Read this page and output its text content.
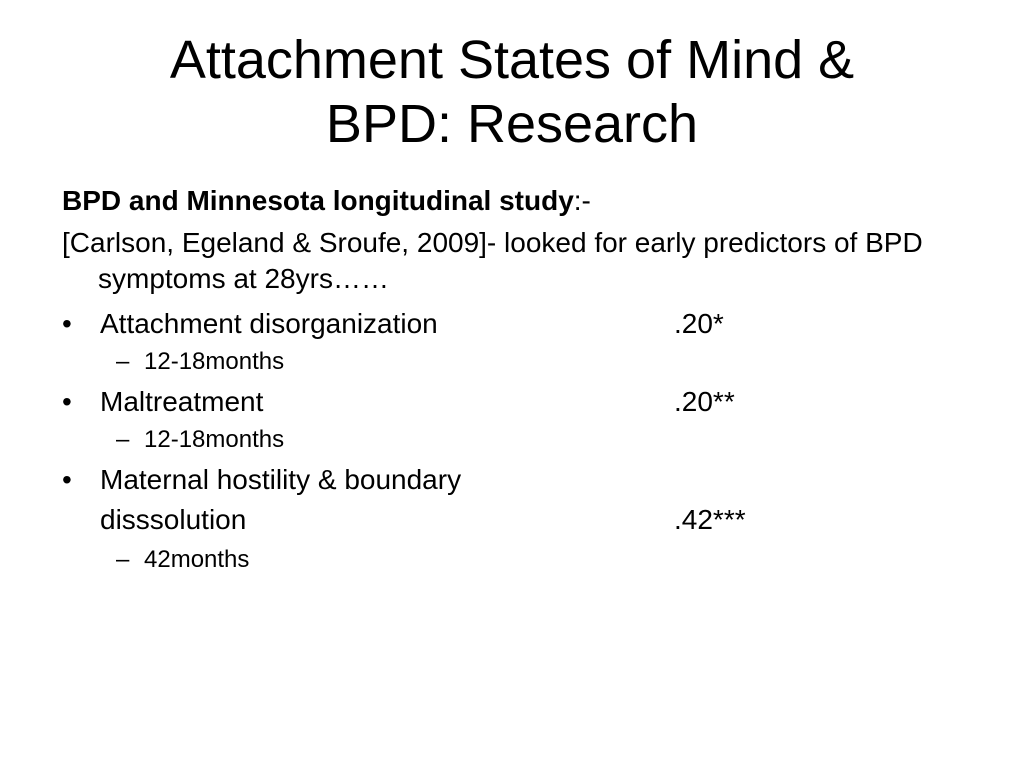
Attachment States of Mind &
BPD: Research

BPD and Minnesota longitudinal study:-

[Carlson, Egeland & Sroufe, 2009]- looked for early predictors of BPD symptoms at 28yrs……

•	Attachment disorganization	.20*
– 12-18months
•	Maltreatment	.20**
– 12-18months
•	Maternal hostility & boundary
disssolution	.42***
– 42months
